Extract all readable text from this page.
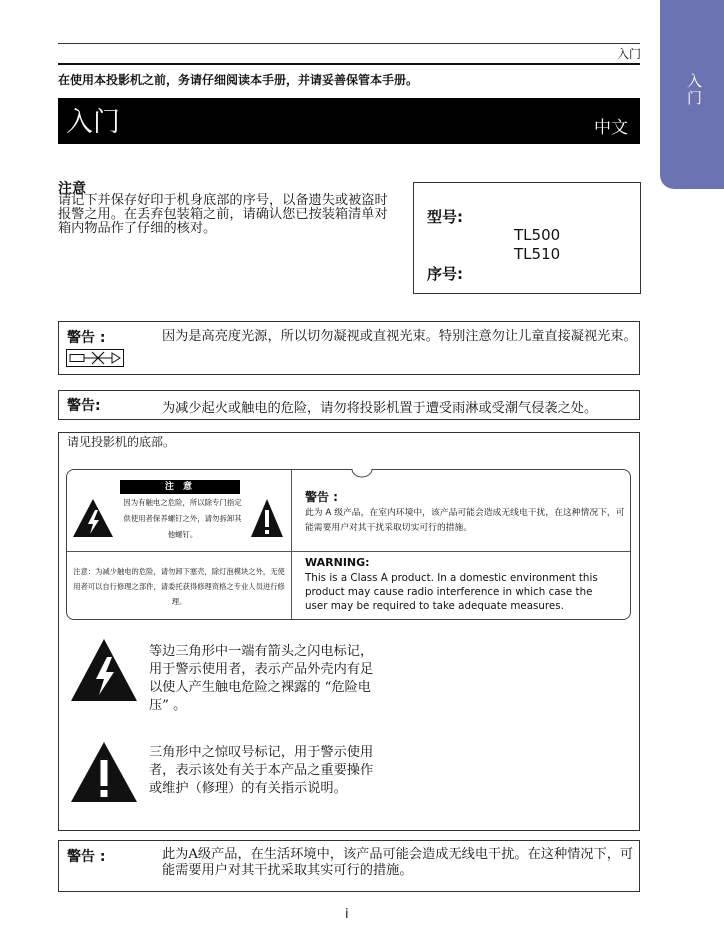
入门
入门
在使用本投影机之前，务请仔细阅读本手册，并请妥善保管本手册。
入门	中文
注意
请记下并保存好印于机身底部的序号，以备遗失或被盗时报警之用。在丢弃包装箱之前，请确认您已按装箱清单对箱内物品作了仔细的核对。
型号:
TL500
TL510
序号:
警告 :	因为是高亮度光源，所以切勿凝视或直视光束。特别注意勿让儿童直接凝视光束。
警告:	为减少起火或触电的危险，请勿将投影机置于遭受雨淋或受潮气侵袭之处。
请见投影机的底部。
注 意
因为有触电之危险，所以除专门指定供使用者保养螺钉之外，请勿拆卸其他螺钉。
警告 :
此为 A 级产品，在室内环境中，该产品可能会造成无线电干扰，在这种情况下，可能需要用户对其干扰采取切实可行的措施。
注意：为减少触电的危险，请勿卸下塞壳，除灯泡模块之外，无使用者可以自行修理之部件，请委托获得修理资格之专业人员进行修理。
WARNING:
This is a Class A product. In a domestic environment this
product may cause radio interference in which case the
user may be required to take adequate measures.
等边三角形中一端有箭头之闪电标记，用于警示使用者，表示产品外壳内有足以使人产生触电危险之裸露的 “危险电压” 。
三角形中之惊叹号标记，用于警示使用者，表示该处有关于本产品之重要操作或维护（修理）的有关指示说明。
警告 :	此为A级产品，在生活环境中，该产品可能会造成无线电干扰。在这种情况下，可能需要用户对其干扰采取其实可行的措施。
i
